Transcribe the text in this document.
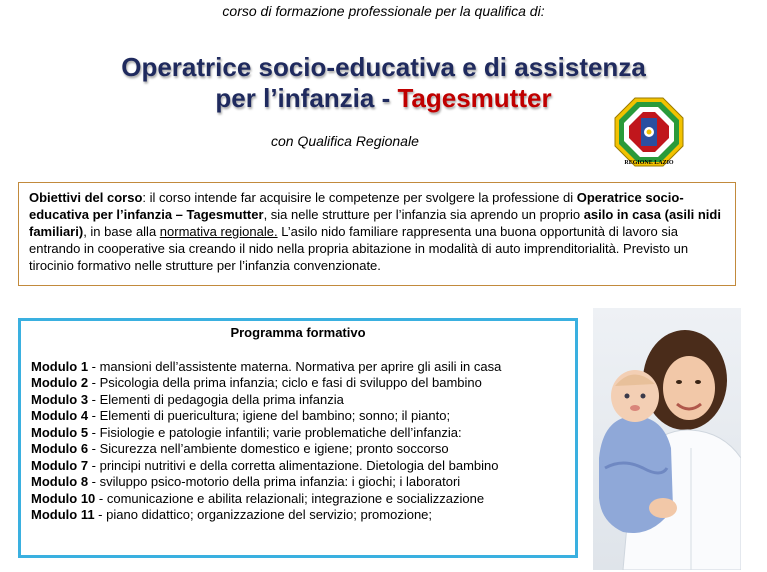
corso di formazione professionale per la qualifica di:
Operatrice socio-educativa e di assistenza
per l’infanzia - Tagesmutter
con Qualifica Regionale
REGIONE LAZIO
Obiettivi del corso: il corso intende far acquisire le competenze per svolgere la professione di Operatrice socio-educativa per l’infanzia – Tagesmutter, sia nelle strutture per l’infanzia sia aprendo un proprio asilo in casa (asili nidi familiari), in base alla normativa regionale. L’asilo nido familiare rappresenta una buona opportunità di lavoro sia entrando in cooperative sia creando il nido nella propria abitazione in modalità di auto imprenditorialità. Previsto un tirocinio formativo nelle strutture per l’infanzia convenzionate.
Programma formativo
Modulo 1 - mansioni dell’assistente materna. Normativa per aprire gli asili in casa
Modulo 2 - Psicologia della prima infanzia; ciclo e fasi di sviluppo del bambino
Modulo 3 - Elementi di pedagogia della prima infanzia
Modulo 4 - Elementi di puericultura; igiene del bambino; sonno; il pianto;
Modulo 5 - Fisiologie e patologie infantili; varie problematiche dell’infanzia:
Modulo 6 - Sicurezza nell’ambiente domestico e igiene; pronto soccorso
Modulo 7 - principi nutritivi e della corretta alimentazione. Dietologia del bambino
Modulo 8 - sviluppo psico-motorio della prima infanzia: i giochi; i laboratori
Modulo 10 - comunicazione e abilita relazionali; integrazione e socializzazione
Modulo 11 - piano didattico; organizzazione del servizio; promozione;
